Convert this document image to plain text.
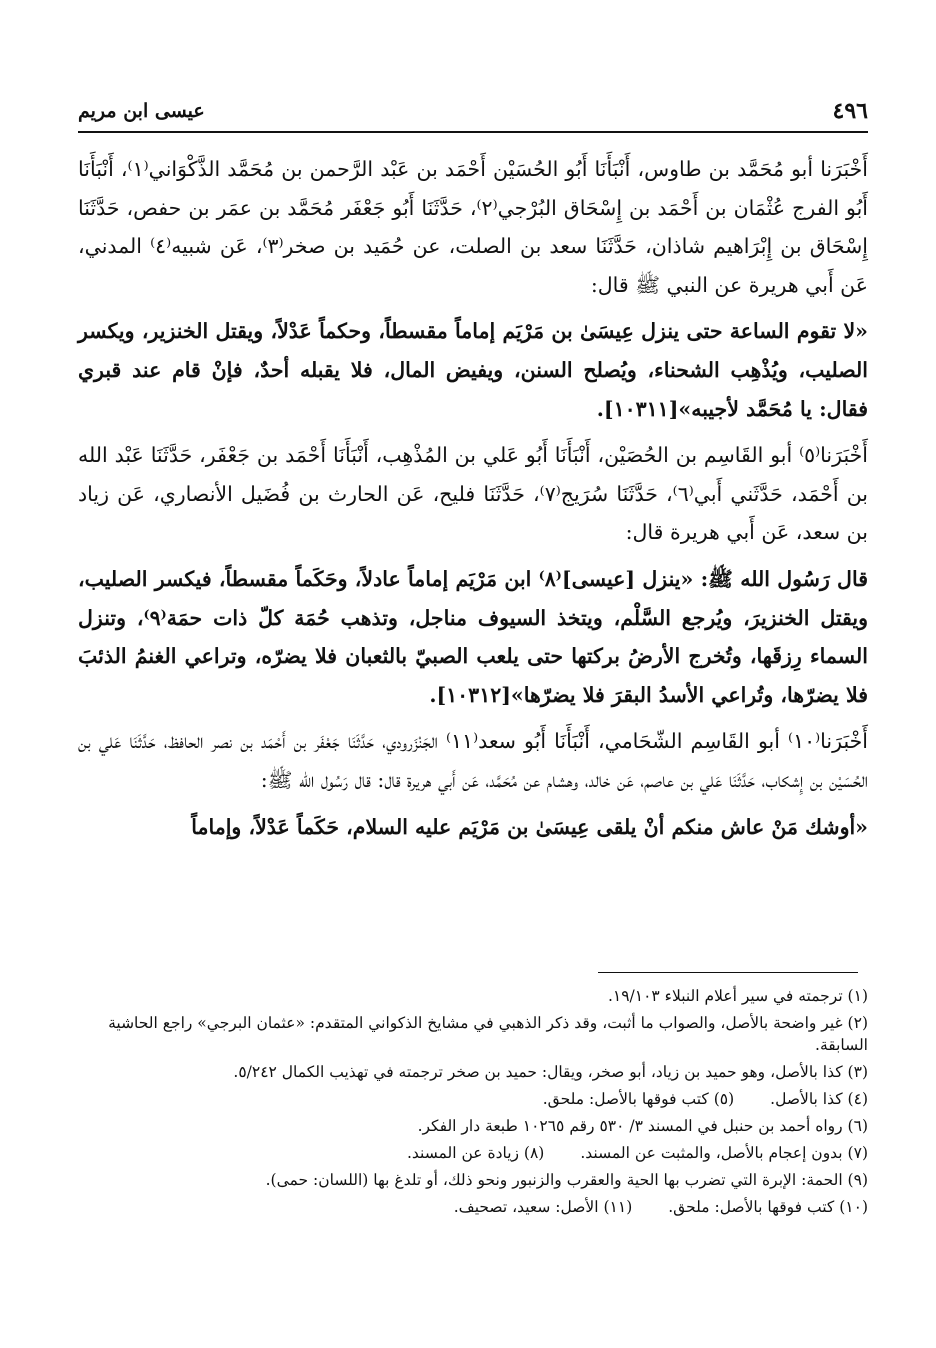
٤٩٦
عيسى ابن مريم

أَخْبَرَنا أبو مُحَمَّد بن طاوس، أَنْبَأَنَا أَبُو الحُسَيْن أَحْمَد بن عَبْد الرَّحمن بن مُحَمَّد الذَّكْوَاني⁽١⁾، أَنْبَأَنَا أَبُو الفرج عُثْمَان بن أَحْمَد بن إِسْحَاق البُرْجي⁽٢⁾، حَدَّثَنَا أَبُو جَعْفَر مُحَمَّد بن عمَر بن حفص، حَدَّثَنَا إِسْحَاق بن إِبْرَاهيم شاذان، حَدَّثَنَا سعد بن الصلت، عن حُمَيد بن صخر⁽٣⁾، عَن شبيه⁽٤⁾ المدني، عَن أَبي هريرة عن النبي ﷺ قال:

«لا تقوم الساعة حتى ينزل عِيسَىٰ بن مَرْيَم إماماً مقسطاً، وحكماً عَدْلاً، ويقتل الخنزير، ويكسر الصليب، ويُذْهِب الشحناء، ويُصلح السنن، ويفيض المال، فلا يقبله أحدٌ، فإنْ قام عند قبري فقال: يا مُحَمَّد لأجيبه»[١٠٣١١].

أَخْبَرَنا⁽٥⁾ أبو القَاسِم بن الحُصَيْن، أَنْبَأَنَا أَبُو عَلي بن المُذْهِب، أَنْبَأَنَا أَحْمَد بن جَعْفَر، حَدَّثَنَا عَبْد الله بن أَحْمَد، حَدَّثَني أَبي⁽٦⁾، حَدَّثَنَا سُرَيج⁽٧⁾، حَدَّثَنَا فليح، عَن الحارث بن فُضَيل الأنصاري، عَن زياد بن سعد، عَن أَبي هريرة قال:

قال رَسُول الله ﷺ: «ينزل [عيسى]⁽٨⁾ ابن مَرْيَم إماماً عادلاً، وحَكَماً مقسطاً، فيكسر الصليب، ويقتل الخنزيرَ، ويُرجع السَّلْم، ويتخذ السيوف مناجل، وتذهب حُمَة كلّ ذات حمَة⁽٩⁾، وتنزل السماء رِزقَها، وتُخرج الأرضُ بركتها حتى يلعب الصبيّ بالثعبان فلا يضرّه، وتراعي الغنمُ الذئبَ فلا يضرّها، وتُراعي الأسدُ البقرَ فلا يضرّها»[١٠٣١٢].

أَخْبَرَنا⁽١٠⁾ أبو القَاسِم الشّحَامي، أَنْبَأَنَا أَبُو سعد⁽١١⁾ الجَنْزَرودي، حَدَّثَنَا جَعْفَر بن أَحْمَد بن نصر الحافظ، حَدَّثَنَا عَلي بن الحُسَيْن بن إِشكاب، حَدَّثَنَا عَلي بن عاصم، عَن خالد، وهشام عن مُحَمَّد، عَن أَبي هريرة قال: قال رَسُول الله ﷺ:

«أوشك مَنْ عاش منكم أنْ يلقى عِيسَىٰ بن مَرْيَم عليه السلام، حَكَماً عَدْلاً، وإماماً

(١) ترجمته في سير أعلام النبلاء ١٩/١٠٣.

(٢) غير واضحة بالأصل، والصواب ما أثبت، وقد ذكر الذهبي في مشايخ الذكواني المتقدم: «عثمان البرجي» راجع الحاشية السابقة.

(٣) كذا بالأصل، وهو حميد بن زياد، أبو صخر، ويقال: حميد بن صخر ترجمته في تهذيب الكمال ٥/٢٤٢.

(٤) كذا بالأصل.

(٥) كتب فوقها بالأصل: ملحق.

(٦) رواه أحمد بن حنبل في المسند ٣/ ٥٣٠ رقم ١٠٢٦٥ طبعة دار الفكر.

(٧) بدون إعجام بالأصل، والمثبت عن المسند.

(٨) زيادة عن المسند.

(٩) الحمة: الإبرة التي تضرب بها الحية والعقرب والزنبور ونحو ذلك، أو تلدغ بها (اللسان: حمى).

(١٠) كتب فوقها بالأصل: ملحق.

(١١) الأصل: سعيد، تصحيف.
